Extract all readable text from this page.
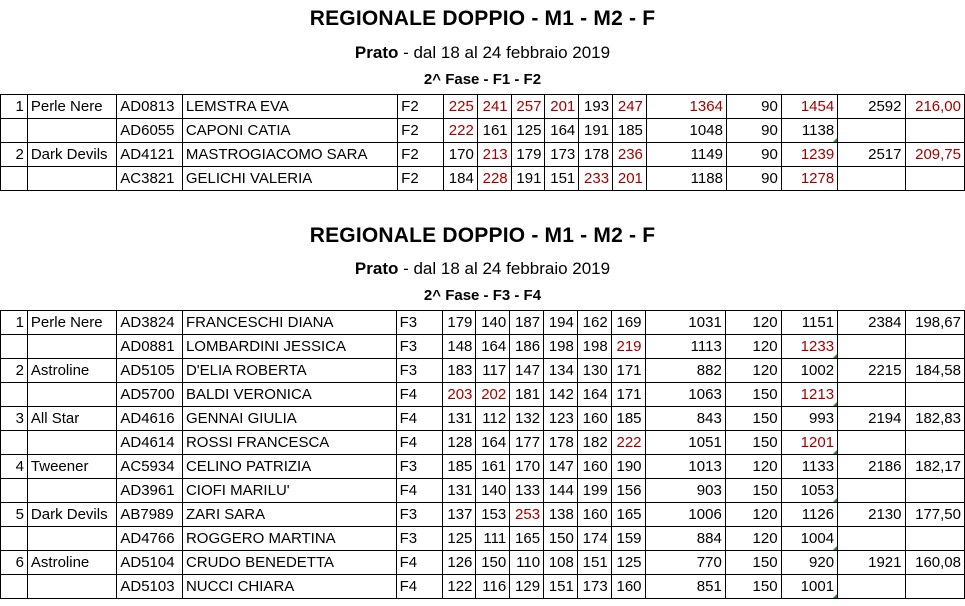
REGIONALE DOPPIO - M1 - M2 - F
Prato - dal 18 al 24 febbraio 2019
2^ Fase - F1 - F2
1	Perle Nere	AD0813	LEMSTRA EVA	F2	225	241	257	201	193	247	1364	90	1454	2592	216,00
		AD6055	CAPONI CATIA	F2	222	161	125	164	191	185	1048	90	1138		
2	Dark Devils	AD4121	MASTROGIACOMO SARA	F2	170	213	179	173	178	236	1149	90	1239	2517	209,75
		AC3821	GELICHI VALERIA	F2	184	228	191	151	233	201	1188	90	1278		
REGIONALE DOPPIO - M1 - M2 - F
Prato - dal 18 al 24 febbraio 2019
2^ Fase - F3 - F4
1	Perle Nere	AD3824	FRANCESCHI DIANA	F3	179	140	187	194	162	169	1031	120	1151	2384	198,67
		AD0881	LOMBARDINI JESSICA	F3	148	164	186	198	198	219	1113	120	1233		
2	Astroline	AD5105	D'ELIA ROBERTA	F3	183	117	147	134	130	171	882	120	1002	2215	184,58
		AD5700	BALDI VERONICA	F4	203	202	181	142	164	171	1063	150	1213		
3	All Star	AD4616	GENNAI GIULIA	F4	131	112	132	123	160	185	843	150	993	2194	182,83
		AD4614	ROSSI FRANCESCA	F4	128	164	177	178	182	222	1051	150	1201		
4	Tweener	AC5934	CELINO PATRIZIA	F3	185	161	170	147	160	190	1013	120	1133	2186	182,17
		AD3961	CIOFI MARILU'	F4	131	140	133	144	199	156	903	150	1053		
5	Dark Devils	AB7989	ZARI SARA	F3	137	153	253	138	160	165	1006	120	1126	2130	177,50
		AD4766	ROGGERO MARTINA	F3	125	111	165	150	174	159	884	120	1004		
6	Astroline	AD5104	CRUDO BENEDETTA	F4	126	150	110	108	151	125	770	150	920	1921	160,08
		AD5103	NUCCI CHIARA	F4	122	116	129	151	173	160	851	150	1001		
